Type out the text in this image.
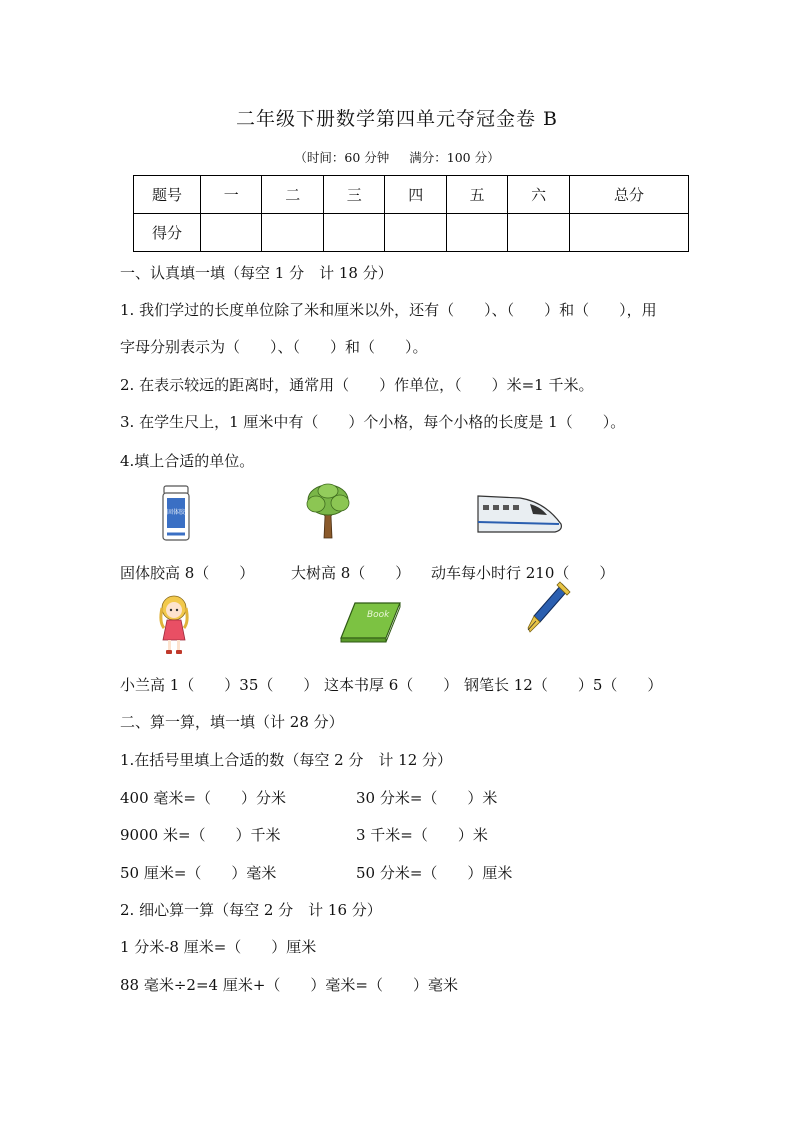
二年级下册数学第四单元夺冠金卷 B
（时间：60 分钟 满分：100 分）
题号	一	二	三	四	五	六	总分
得分							
一、认真填一填（每空 1 分　计 18 分）
1. 我们学过的长度单位除了米和厘米以外，还有（　　）、（　　）和（　　），用
字母分别表示为（　　）、（　　）和（　　）。
2. 在表示较远的距离时，通常用（　　）作单位，（　　）米=1 千米。
3. 在学生尺上，1 厘米中有（　　）个小格，每个小格的长度是 1（　　）。
4.填上合适的单位。
固体胶
固体胶高 8（　　） 大树高 8（　　） 动车每小时行 210（　　）
Book
小兰高 1（　　）35（　　） 这本书厚 6（　　） 钢笔长 12（　　）5（　　）
二、算一算，填一填（计 28 分）
1.在括号里填上合适的数（每空 2 分　计 12 分）
400 毫米=（　　）分米	30 分米=（　　）米
9000 米=（　　）千米	3 千米=（　　）米
50 厘米=（　　）毫米	50 分米=（　　）厘米
2. 细心算一算（每空 2 分　计 16 分）
1 分米-8 厘米=（　　）厘米
88 毫米÷2=4 厘米+（　　）毫米=（　　）毫米
